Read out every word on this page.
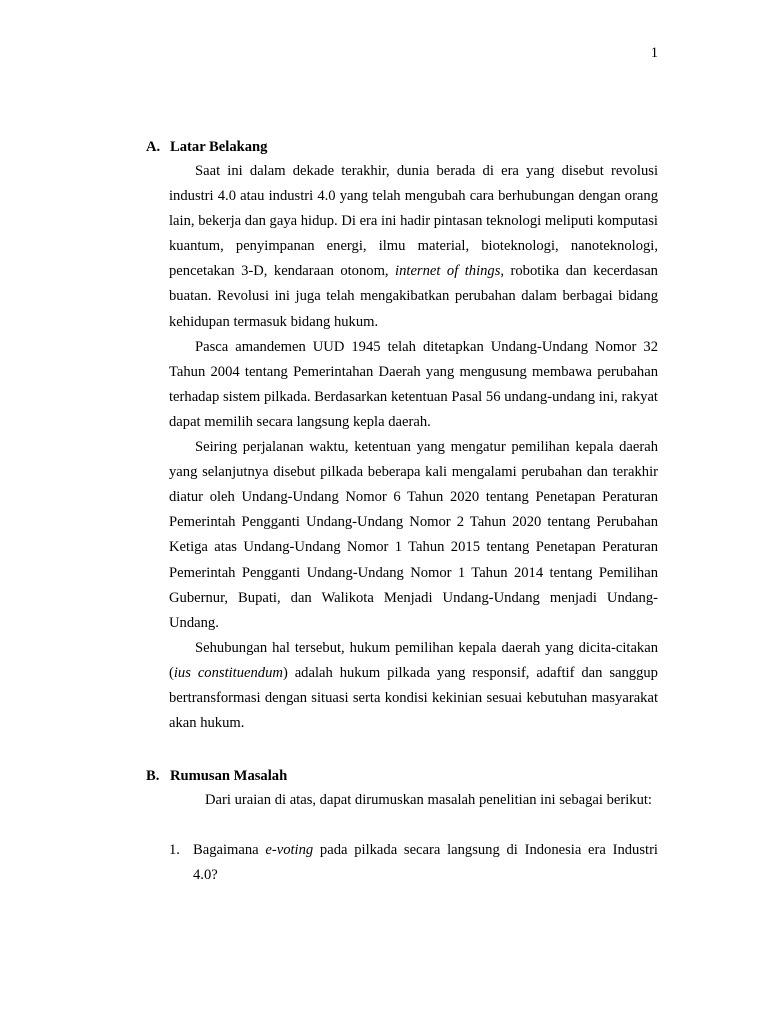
1
A. Latar Belakang

Saat ini dalam dekade terakhir, dunia berada di era yang disebut revolusi industri 4.0 atau industri 4.0 yang telah mengubah cara berhubungan dengan orang lain, bekerja dan gaya hidup. Di era ini hadir pintasan teknologi meliputi komputasi kuantum, penyimpanan energi, ilmu material, bioteknologi, nanoteknologi, pencetakan 3-D, kendaraan otonom, internet of things, robotika dan kecerdasan buatan. Revolusi ini juga telah mengakibatkan perubahan dalam berbagai bidang kehidupan termasuk bidang hukum.

Pasca amandemen UUD 1945 telah ditetapkan Undang-Undang Nomor 32 Tahun 2004 tentang Pemerintahan Daerah yang mengusung membawa perubahan terhadap sistem pilkada. Berdasarkan ketentuan Pasal 56 undang-undang ini, rakyat dapat memilih secara langsung kepla daerah.

Seiring perjalanan waktu, ketentuan yang mengatur pemilihan kepala daerah yang selanjutnya disebut pilkada beberapa kali mengalami perubahan dan terakhir diatur oleh Undang-Undang Nomor 6 Tahun 2020 tentang Penetapan Peraturan Pemerintah Pengganti Undang-Undang Nomor 2 Tahun 2020 tentang Perubahan Ketiga atas Undang-Undang Nomor 1 Tahun 2015 tentang Penetapan Peraturan Pemerintah Pengganti Undang-Undang Nomor 1 Tahun 2014 tentang Pemilihan Gubernur, Bupati, dan Walikota Menjadi Undang-Undang menjadi Undang-Undang.

Sehubungan hal tersebut, hukum pemilihan kepala daerah yang dicita-citakan (ius constituendum) adalah hukum pilkada yang responsif, adaftif dan sanggup bertransformasi dengan situasi serta kondisi kekinian sesuai kebutuhan masyarakat akan hukum.

B. Rumusan Masalah

Dari uraian di atas, dapat dirumuskan masalah penelitian ini sebagai berikut:

1. Bagaimana e-voting pada pilkada secara langsung di Indonesia era Industri 4.0?
